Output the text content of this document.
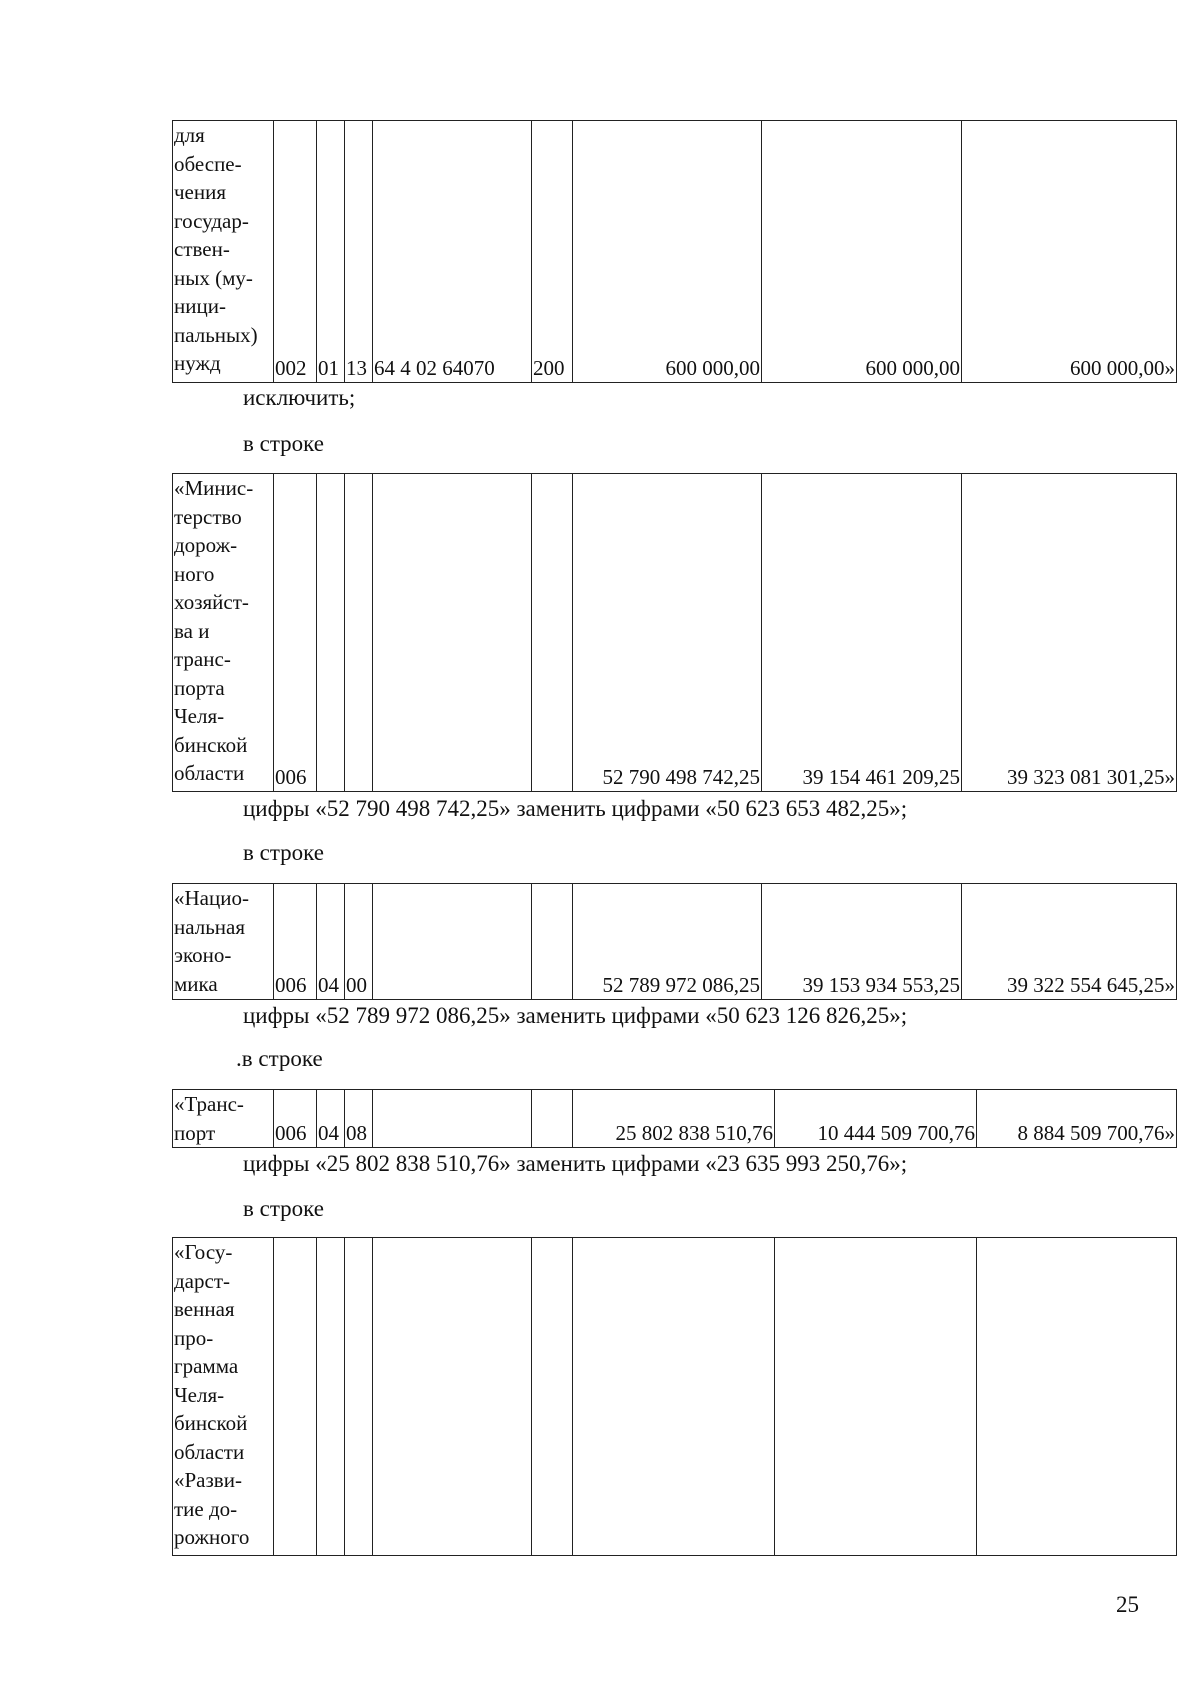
для
обеспе-
чения
государ-
ствен-
ных (му-
ници-
пальных)
нужд	002	01	13	64 4 02 64070	200	600 000,00	600 000,00	600 000,00»
исключить;
в строке
«Минис-
терство
дорож-
ного
хозяйст-
ва и
транс-
порта
Челя-
бинской
области	006					52 790 498 742,25	39 154 461 209,25	39 323 081 301,25»
цифры «52 790 498 742,25» заменить цифрами «50 623 653 482,25»;
в строке
«Нацио-
нальная
эконо-
мика	006	04	00			52 789 972 086,25	39 153 934 553,25	39 322 554 645,25»
цифры «52 789 972 086,25» заменить цифрами «50 623 126 826,25»;
.в строке
«Транс-
порт	006	04	08			25 802 838 510,76	10 444 509 700,76	8 884 509 700,76»
цифры «25 802 838 510,76» заменить цифрами «23 635 993 250,76»;
в строке
«Госу-
дарст-
венная
про-
грамма
Челя-
бинской
области
«Разви-
тие до-
рожного								
25
